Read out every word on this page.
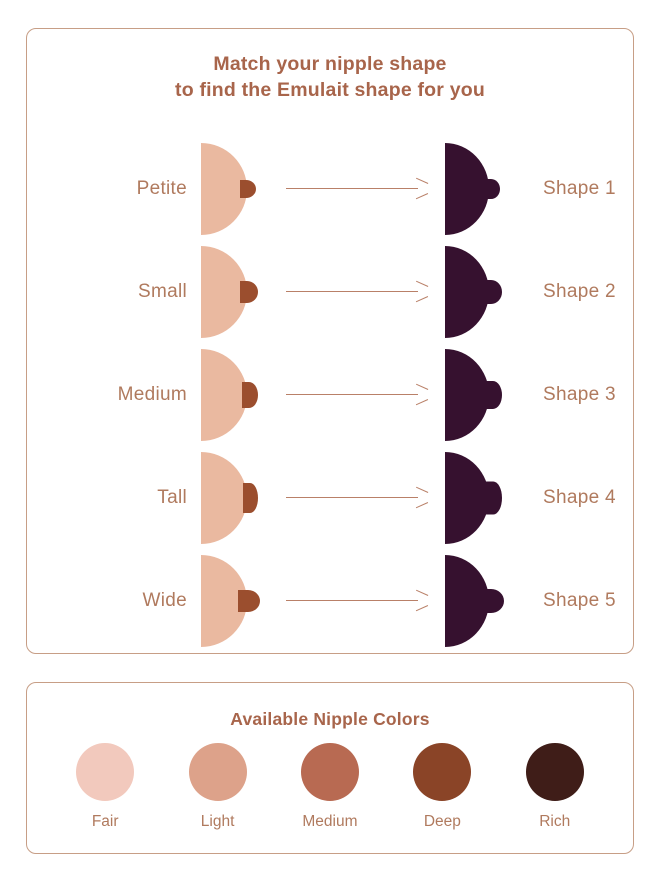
Match your nipple shape
to find the Emulait shape for you
Petite	Shape 1
Small	Shape 2
Medium	Shape 3
Tall	Shape 4
Wide	Shape 5
Available Nipple Colors
Fair	Light	Medium	Deep	Rich
